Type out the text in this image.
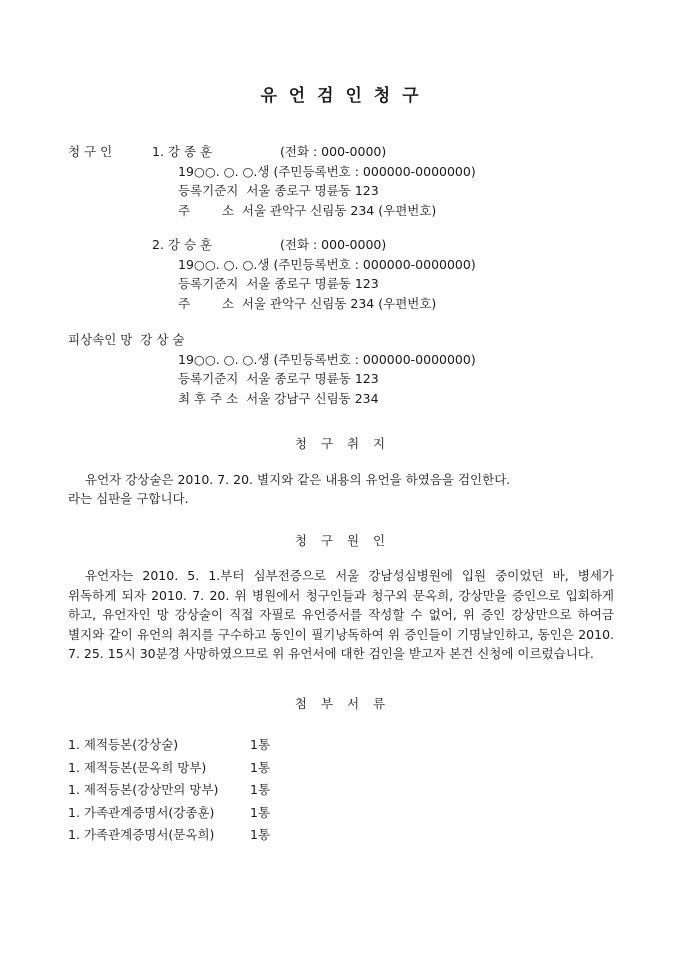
유 언 검 인 청 구
청 구 인	1. 강 종 훈	(전화 : 000-0000)
19○○. ○. ○.생 (주민등록번호 : 000000-0000000)
등록기준지  서울 종로구 명륜동 123
주        소  서울 관악구 신림동 234 (우편번호)
2. 강 승 훈	(전화 : 000-0000)
19○○. ○. ○.생 (주민등록번호 : 000000-0000000)
등록기준지  서울 종로구 명륜동 123
주        소  서울 관악구 신림동 234 (우편번호)
피상속인 망  강 상 술
19○○. ○. ○.생 (주민등록번호 : 000000-0000000)
등록기준지  서울 종로구 명륜동 123
최 후 주 소  서울 강남구 신림동 234
청  구  취  지
유언자 강상술은 2010. 7. 20. 별지와 같은 내용의 유언을 하였음을 검인한다.
라는 심판을 구합니다.
청  구  원  인

유언자는 2010. 5. 1.부터 심부전증으로 서울 강남성심병원에 입원 중이었던 바, 병세가 위독하게 되자 2010. 7. 20. 위 병원에서 청구인들과 청구외 문옥희, 강상만을 증인으로 입회하게 하고, 유언자인 망 강상술이 직접 자필로 유언증서를 작성할 수 없어, 위 증인 강상만으로 하여금 별지와 같이 유언의 취지를 구수하고 동인이 필기낭독하여 위 증인들이 기명날인하고, 동인은 2010. 7. 25. 15시 30분경 사망하였으므로 위 유언서에 대한 검인을 받고자 본건 신청에 이르렀습니다.

첨  부  서  류
1. 제적등본(강상술)	1통
1. 제적등본(문옥희 망부)	1통
1. 제적등본(강상만의 망부)	1통
1. 가족관계증명서(강종훈)	1통
1. 가족관계증명서(문옥희)	1통
